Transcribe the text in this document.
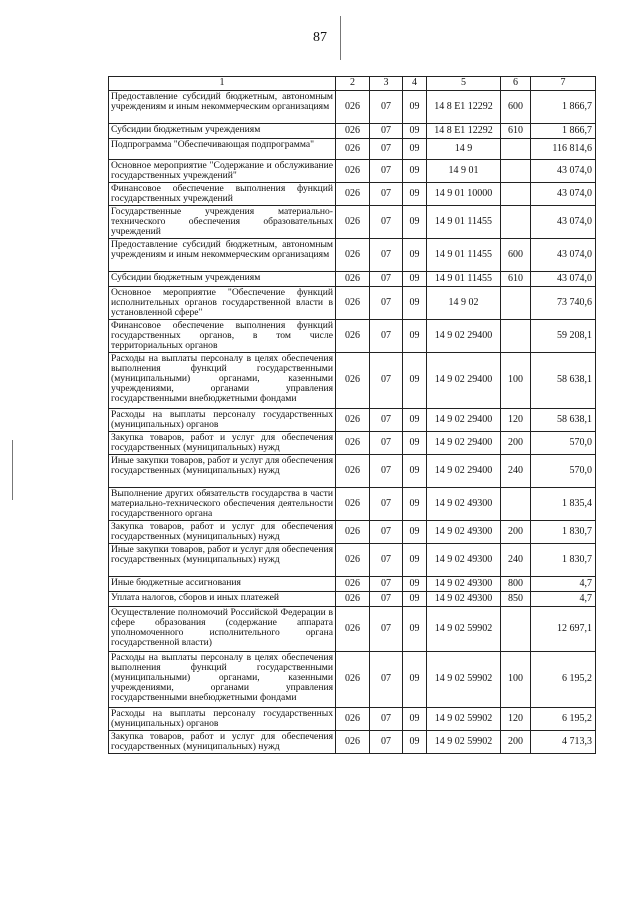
87
1	2	3	4	5	6	7
Предоставление субсидий бюджетным, автономным учреждениям и иным некоммерческим организациям	026	07	09	14 8 E1 12292	600	1 866,7
Субсидии бюджетным учреждениям	026	07	09	14 8 E1 12292	610	1 866,7
Подпрограмма "Обеспечивающая подпрограмма"	026	07	09	14 9		116 814,6
Основное мероприятие "Содержание и обслуживание государственных учреждений"	026	07	09	14 9 01		43 074,0
Финансовое обеспечение выполнения функций государственных учреждений	026	07	09	14 9 01 10000		43 074,0
Государственные учреждения материально-технического обеспечения образовательных учреждений	026	07	09	14 9 01 11455		43 074,0
Предоставление субсидий бюджетным, автономным учреждениям и иным некоммерческим организациям	026	07	09	14 9 01 11455	600	43 074,0
Субсидии бюджетным учреждениям	026	07	09	14 9 01 11455	610	43 074,0
Основное мероприятие "Обеспечение функций исполнительных органов государственной власти в установленной сфере"	026	07	09	14 9 02		73 740,6
Финансовое обеспечение выполнения функций государственных органов, в том числе территориальных органов	026	07	09	14 9 02 29400		59 208,1
Расходы на выплаты персоналу в целях обеспечения выполнения функций государственными (муниципальными) органами, казенными учреждениями, органами управления государственными внебюджетными фондами	026	07	09	14 9 02 29400	100	58 638,1
Расходы на выплаты персоналу государственных (муниципальных) органов	026	07	09	14 9 02 29400	120	58 638,1
Закупка товаров, работ и услуг для обеспечения государственных (муниципальных) нужд	026	07	09	14 9 02 29400	200	570,0
Иные закупки товаров, работ и услуг для обеспечения государственных (муниципальных) нужд	026	07	09	14 9 02 29400	240	570,0
Выполнение других обязательств государства в части материально-технического обеспечения деятельности государственного органа	026	07	09	14 9 02 49300		1 835,4
Закупка товаров, работ и услуг для обеспечения государственных (муниципальных) нужд	026	07	09	14 9 02 49300	200	1 830,7
Иные закупки товаров, работ и услуг для обеспечения государственных (муниципальных) нужд	026	07	09	14 9 02 49300	240	1 830,7
Иные бюджетные ассигнования	026	07	09	14 9 02 49300	800	4,7
Уплата налогов, сборов и иных платежей	026	07	09	14 9 02 49300	850	4,7
Осуществление полномочий Российской Федерации в сфере образования (содержание аппарата уполномоченного исполнительного органа государственной власти)	026	07	09	14 9 02 59902		12 697,1
Расходы на выплаты персоналу в целях обеспечения выполнения функций государственными (муниципальными) органами, казенными учреждениями, органами управления государственными внебюджетными фондами	026	07	09	14 9 02 59902	100	6 195,2
Расходы на выплаты персоналу государственных (муниципальных) органов	026	07	09	14 9 02 59902	120	6 195,2
Закупка товаров, работ и услуг для обеспечения государственных (муниципальных) нужд	026	07	09	14 9 02 59902	200	4 713,3
